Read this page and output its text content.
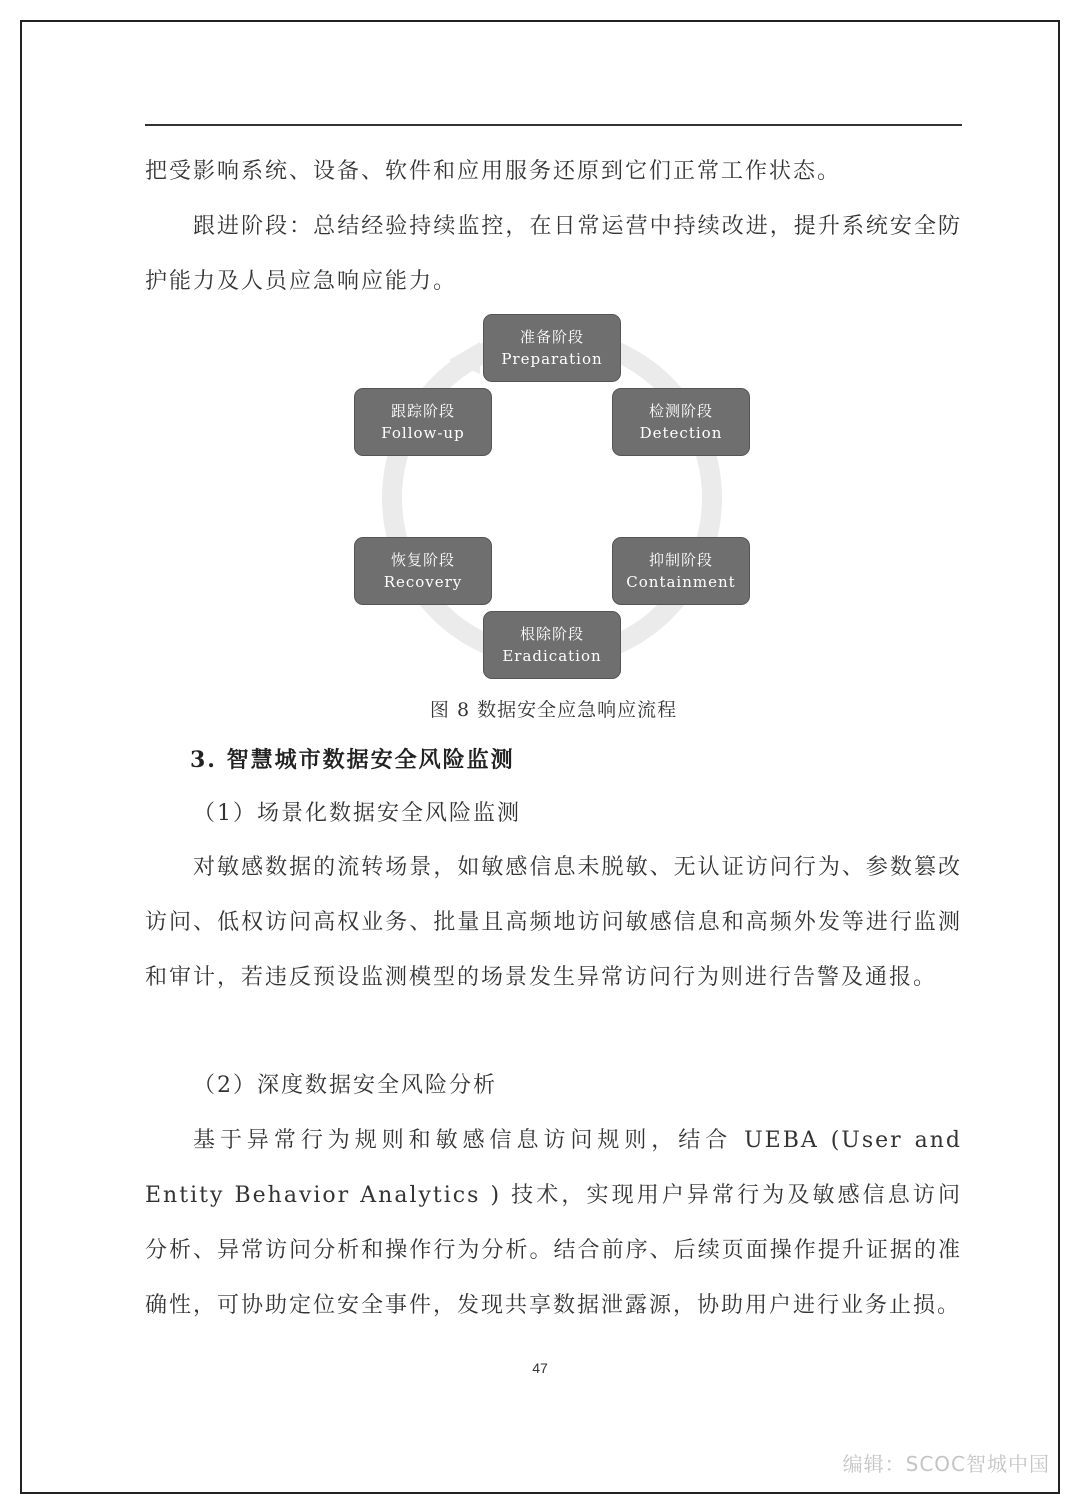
把受影响系统、设备、软件和应用服务还原到它们正常工作状态。

跟进阶段：总结经验持续监控，在日常运营中持续改进，提升系统安全防护能力及人员应急响应能力。

准备阶段
Preparation
检测阶段
Detection
抑制阶段
Containment
根除阶段
Eradication
恢复阶段
Recovery
跟踪阶段
Follow-up
图 8 数据安全应急响应流程
3. 智慧城市数据安全风险监测
（1）场景化数据安全风险监测

对敏感数据的流转场景，如敏感信息未脱敏、无认证访问行为、参数篡改访问、低权访问高权业务、批量且高频地访问敏感信息和高频外发等进行监测和审计，若违反预设监测模型的场景发生异常访问行为则进行告警及通报。

（2）深度数据安全风险分析

基于异常行为规则和敏感信息访问规则，结合 UEBA (User and Entity Behavior Analytics ) 技术，实现用户异常行为及敏感信息访问分析、异常访问分析和操作行为分析。结合前序、后续页面操作提升证据的准确性，可协助定位安全事件，发现共享数据泄露源，协助用户进行业务止损。

47
编辑：SCOC智城中国
